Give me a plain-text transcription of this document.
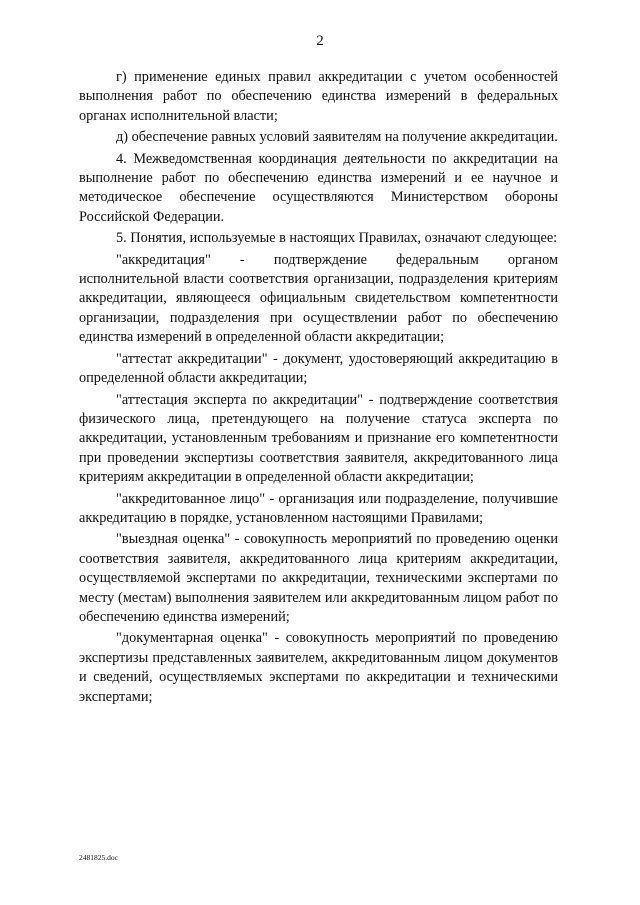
2

г) применение единых правил аккредитации с учетом особенностей выполнения работ по обеспечению единства измерений в федеральных органах исполнительной власти;

д) обеспечение равных условий заявителям на получение аккредитации.

4. Межведомственная координация деятельности по аккредитации на выполнение работ по обеспечению единства измерений и ее научное и методическое обеспечение осуществляются Министерством обороны Российской Федерации.

5. Понятия, используемые в настоящих Правилах, означают следующее:

"аккредитация" - подтверждение федеральным органом исполнительной власти соответствия организации, подразделения критериям аккредитации, являющееся официальным свидетельством компетентности организации, подразделения при осуществлении работ по обеспечению единства измерений в определенной области аккредитации;

"аттестат аккредитации" - документ, удостоверяющий аккредитацию в определенной области аккредитации;

"аттестация эксперта по аккредитации" - подтверждение соответствия физического лица, претендующего на получение статуса эксперта по аккредитации, установленным требованиям и признание его компетентности при проведении экспертизы соответствия заявителя, аккредитованного лица критериям аккредитации в определенной области аккредитации;

"аккредитованное лицо" - организация или подразделение, получившие аккредитацию в порядке, установленном настоящими Правилами;

"выездная оценка" - совокупность мероприятий по проведению оценки соответствия заявителя, аккредитованного лица критериям аккредитации, осуществляемой экспертами по аккредитации, техническими экспертами по месту (местам) выполнения заявителем или аккредитованным лицом работ по обеспечению единства измерений;

"документарная оценка" - совокупность мероприятий по проведению экспертизы представленных заявителем, аккредитованным лицом документов и сведений, осуществляемых экспертами по аккредитации и техническими экспертами;

2481825.doc
